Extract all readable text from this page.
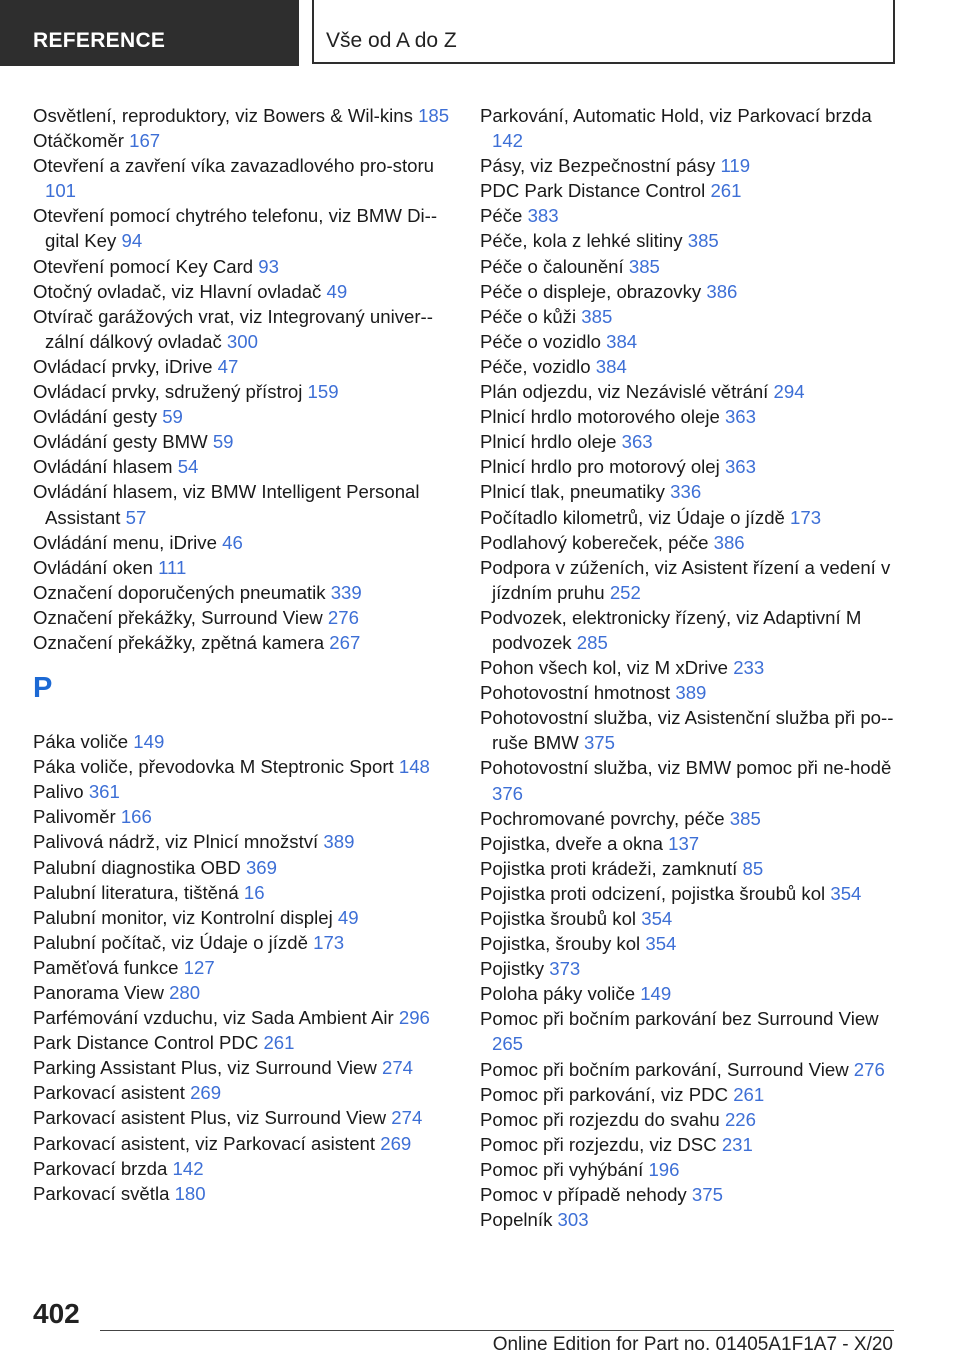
REFERENCE	Vše od A do Z
Osvětlení, reproduktory, viz Bowers & Wil-kins 185
Otáčkoměr 167
Otevření a zavření víka zavazadlového pro-storu 101
Otevření pomocí chytrého telefonu, viz BMW Di-gital Key 94
Otevření pomocí Key Card 93
Otočný ovladač, viz Hlavní ovladač 49
Otvírač garážových vrat, viz Integrovaný univer-zální dálkový ovladač 300
Ovládací prvky, iDrive 47
Ovládací prvky, sdružený přístroj 159
Ovládání gesty 59
Ovládání gesty BMW 59
Ovládání hlasem 54
Ovládání hlasem, viz BMW Intelligent Personal Assistant 57
Ovládání menu, iDrive 46
Ovládání oken 111
Označení doporučených pneumatik 339
Označení překážky, Surround View 276
Označení překážky, zpětná kamera 267
P
Páka voliče 149
Páka voliče, převodovka M Steptronic Sport 148
Palivo 361
Palivoměr 166
Palivová nádrž, viz Plnicí množství 389
Palubní diagnostika OBD 369
Palubní literatura, tištěná 16
Palubní monitor, viz Kontrolní displej 49
Palubní počítač, viz Údaje o jízdě 173
Paměťová funkce 127
Panorama View 280
Parfémování vzduchu, viz Sada Ambient Air 296
Park Distance Control PDC 261
Parking Assistant Plus, viz Surround View 274
Parkovací asistent 269
Parkovací asistent Plus, viz Surround View 274
Parkovací asistent, viz Parkovací asistent 269
Parkovací brzda 142
Parkovací světla 180
Parkování, Automatic Hold, viz Parkovací brzda 142
Pásy, viz Bezpečnostní pásy 119
PDC Park Distance Control 261
Péče 383
Péče, kola z lehké slitiny 385
Péče o čalounění 385
Péče o displeje, obrazovky 386
Péče o kůži 385
Péče o vozidlo 384
Péče, vozidlo 384
Plán odjezdu, viz Nezávislé větrání 294
Plnicí hrdlo motorového oleje 363
Plnicí hrdlo oleje 363
Plnicí hrdlo pro motorový olej 363
Plnicí tlak, pneumatiky 336
Počítadlo kilometrů, viz Údaje o jízdě 173
Podlahový kobereček, péče 386
Podpora v zúženích, viz Asistent řízení a vedení v jízdním pruhu 252
Podvozek, elektronicky řízený, viz Adaptivní M podvozek 285
Pohon všech kol, viz M xDrive 233
Pohotovostní hmotnost 389
Pohotovostní služba, viz Asistenční služba při po-ruše BMW 375
Pohotovostní služba, viz BMW pomoc při ne-hodě 376
Pochromované povrchy, péče 385
Pojistka, dveře a okna 137
Pojistka proti krádeži, zamknutí 85
Pojistka proti odcizení, pojistka šroubů kol 354
Pojistka šroubů kol 354
Pojistka, šrouby kol 354
Pojistky 373
Poloha páky voliče 149
Pomoc při bočním parkování bez Surround View 265
Pomoc při bočním parkování, Surround View 276
Pomoc při parkování, viz PDC 261
Pomoc při rozjezdu do svahu 226
Pomoc při rozjezdu, viz DSC 231
Pomoc při vyhýbání 196
Pomoc v případě nehody 375
Popelník 303
402
Online Edition for Part no. 01405A1F1A7 - X/20
